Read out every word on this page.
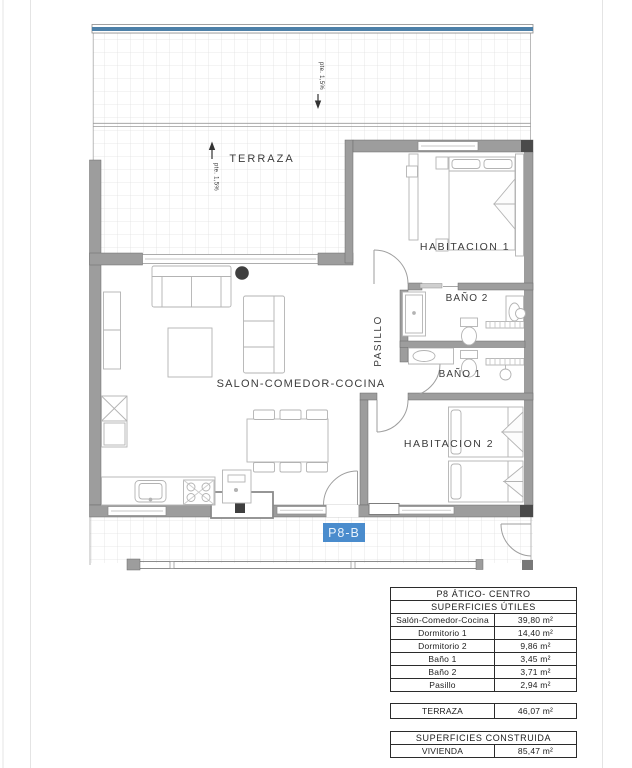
pte. 1,5%
pte. 1,5%
TERRAZA
HABITACION 1
BAÑO 2
BAÑO 1
PASILLO
SALON-COMEDOR-COCINA
HABITACION 2
P8-B
P8 ÁTICO- CENTRO
SUPERFICIES ÚTILES
Salón-Comedor-Cocina	39,80 m²
Dormitorio 1	14,40 m²
Dormitorio 2	9,86 m²
Baño 1	3,45 m²
Baño 2	3,71 m²
Pasillo	2,94 m²
TERRAZA	46,07 m²
SUPERFICIES CONSTRUIDA
VIVIENDA	85,47 m²
